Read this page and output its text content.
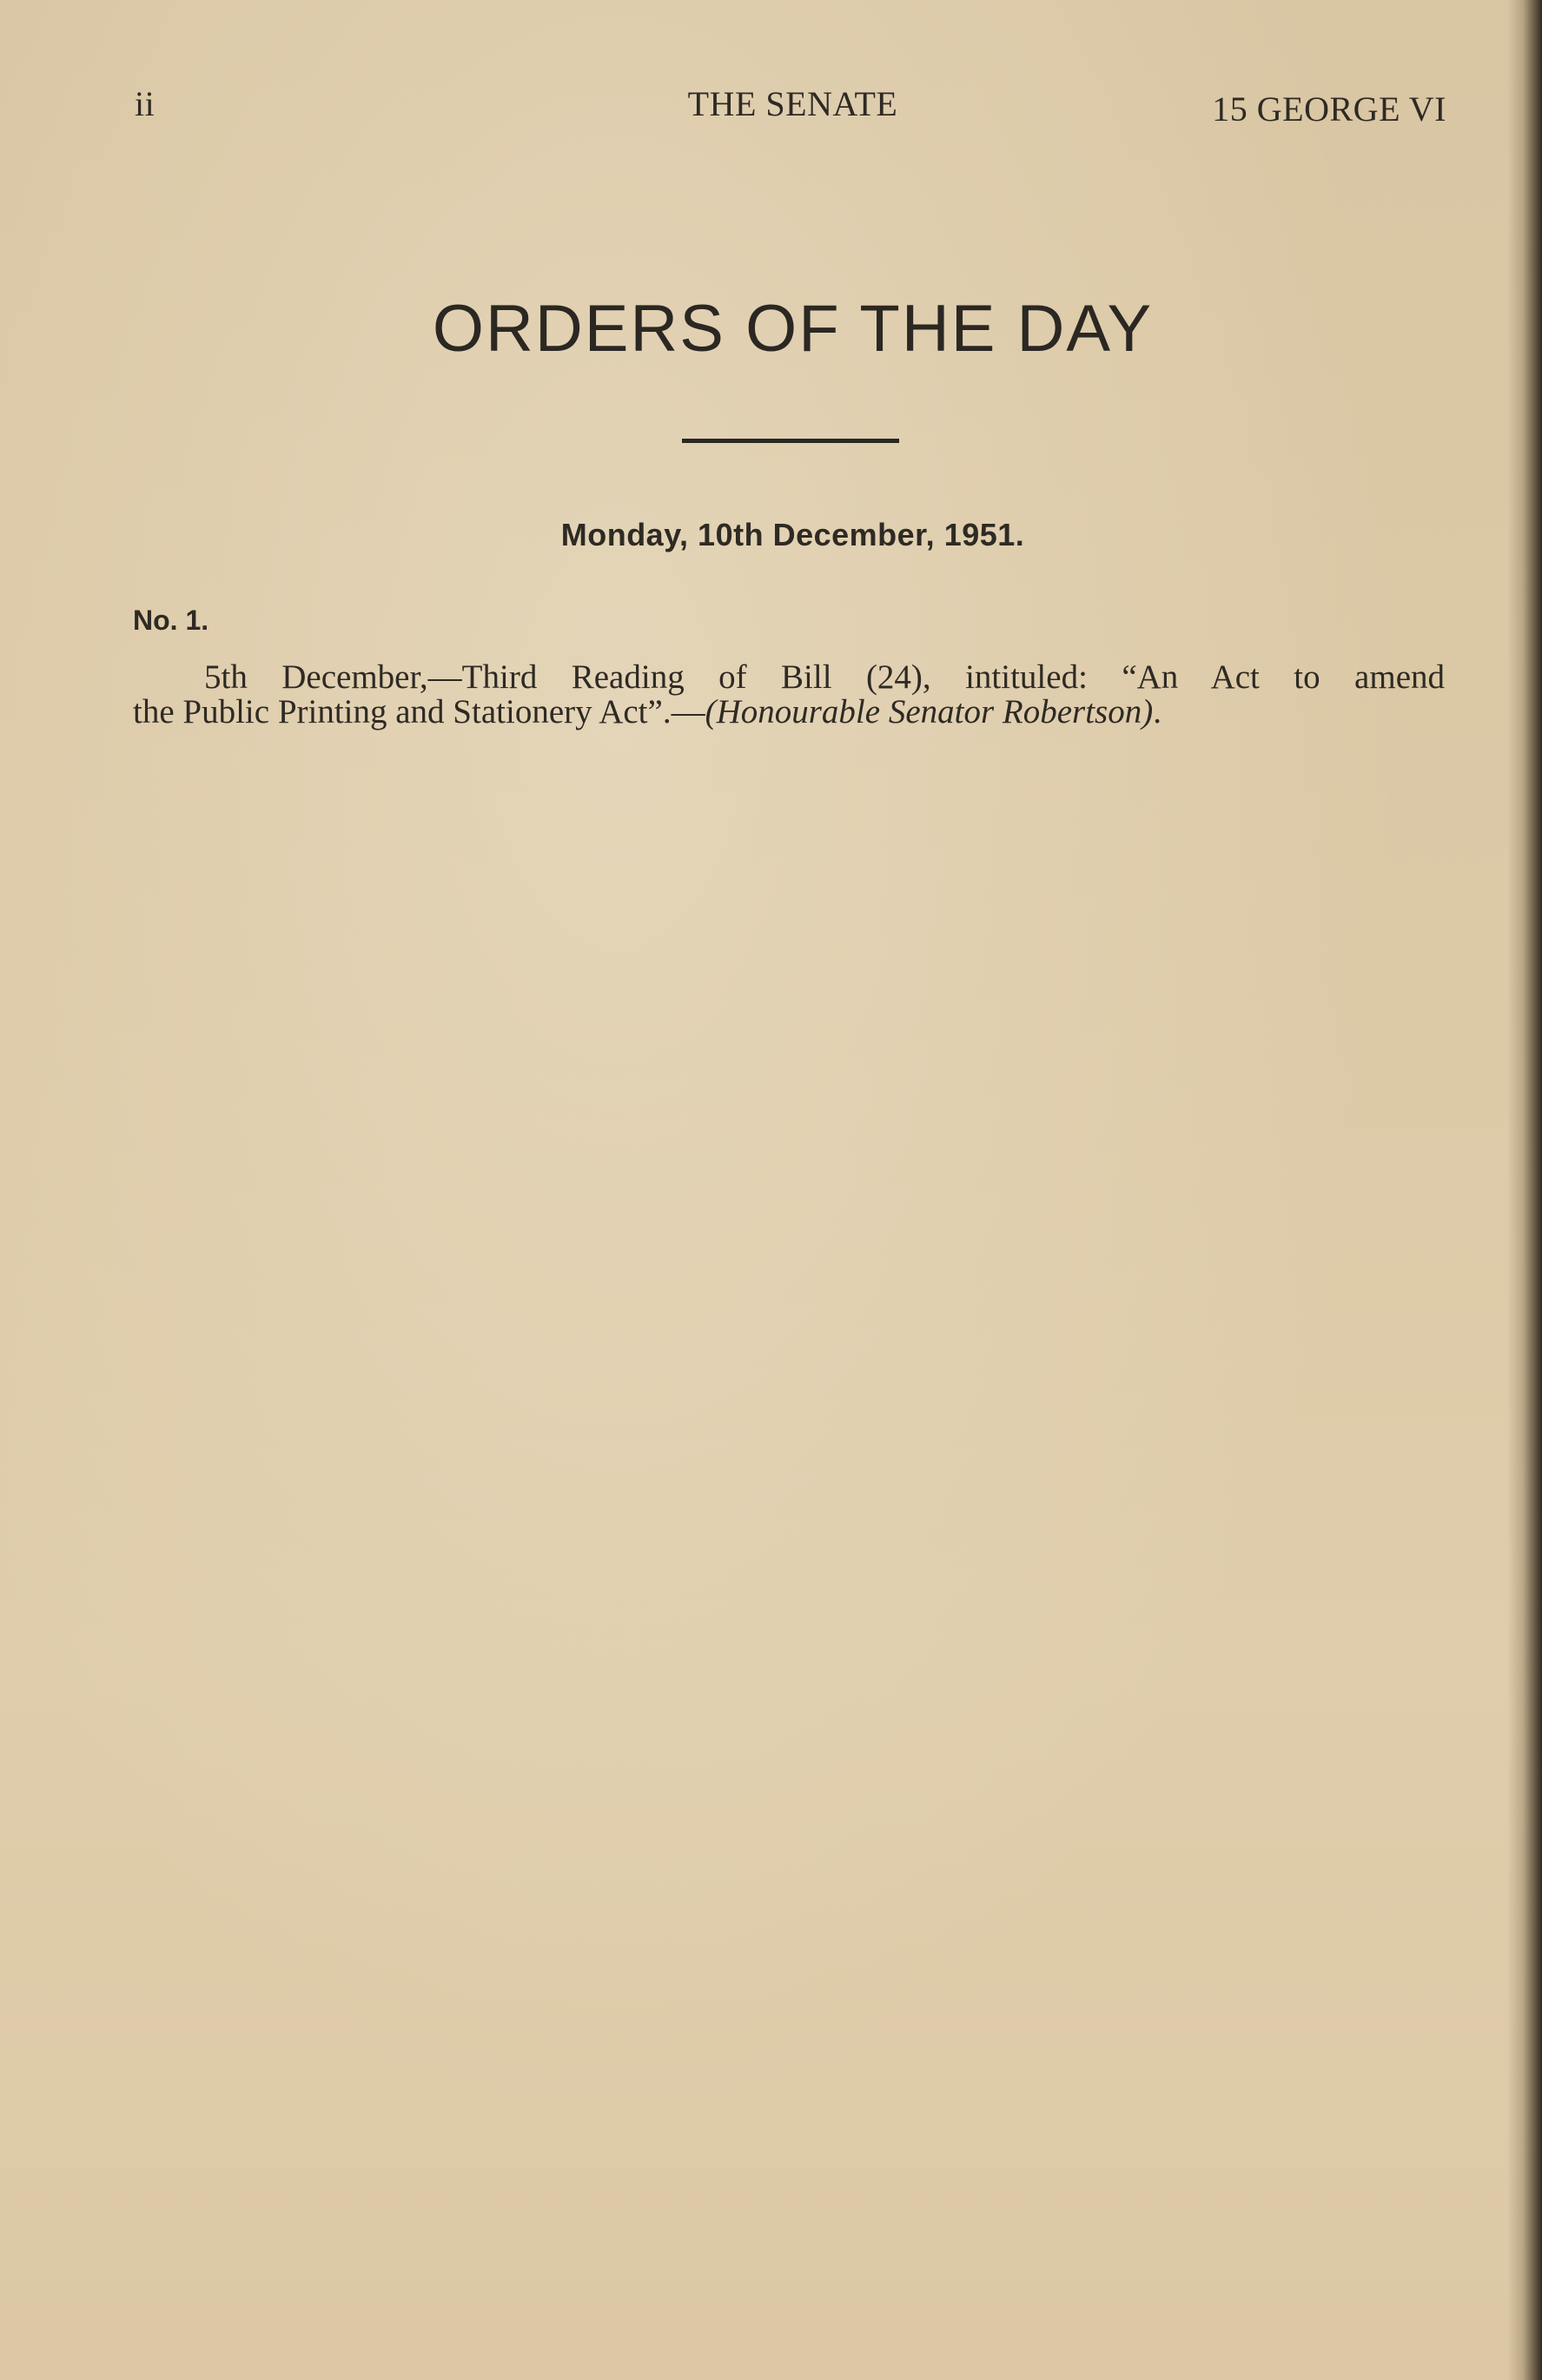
ii	THE SENATE	15 GEORGE VI
ORDERS OF THE DAY
Monday, 10th December, 1951.
No. 1.
5th December,—Third Reading of Bill (24), intituled: “An Act to amend
the Public Printing and Stationery Act”.—(Honourable Senator Robertson).
